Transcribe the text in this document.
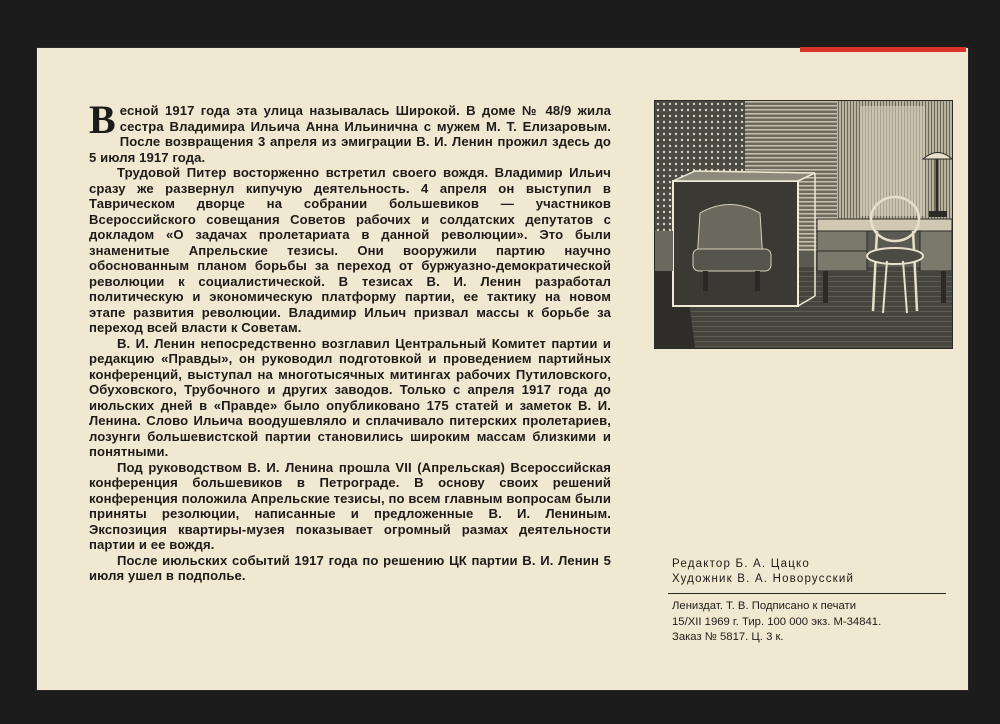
Весной 1917 года эта улица называлась Широкой. В доме № 48/9 жила сестра Владимира Ильича Анна Ильинична с мужем М. Т. Елизаровым. После возвращения 3 апреля из эмиграции В. И. Ленин прожил здесь до 5 июля 1917 года.

Трудовой Питер восторженно встретил своего вождя. Владимир Ильич сразу же развернул кипучую деятельность. 4 апреля он выступил в Таврическом дворце на собрании большевиков — участников Всероссийского совещания Советов рабочих и солдатских депутатов с докладом «О задачах пролетариата в данной революции». Это были знаменитые Апрельские тезисы. Они вооружили партию научно обоснованным планом борьбы за переход от буржуазно-демократической революции к социалистической. В тезисах В. И. Ленин разработал политическую и экономическую платформу партии, ее тактику на новом этапе развития революции. Владимир Ильич призвал массы к борьбе за переход всей власти к Советам.

В. И. Ленин непосредственно возглавил Центральный Комитет партии и редакцию «Правды», он руководил подготовкой и проведением партийных конференций, выступал на многотысячных митингах рабочих Путиловского, Обуховского, Трубочного и других заводов. Только с апреля 1917 года до июльских дней в «Правде» было опубликовано 175 статей и заметок В. И. Ленина. Слово Ильича воодушевляло и сплачивало питерских пролетариев, лозунги большевистской партии становились широким массам близкими и понятными.

Под руководством В. И. Ленина прошла VII (Апрельская) Всероссийская конференция большевиков в Петрограде. В основу своих решений конференция положила Апрельские тезисы, по всем главным вопросам были приняты резолюции, написанные и предложенные В. И. Лениным. Экспозиция квартиры-музея показывает огромный размах деятельности партии и ее вождя.

После июльских событий 1917 года по решению ЦК партии В. И. Ленин 5 июля ушел в подполье.

Редактор Б. А. Цацко
Художник В. А. Новорусский
Лениздат. Т. В. Подписано к печати
15/XII 1969 г. Тир. 100 000 экз. М-34841.
Заказ № 5817. Ц. 3 к.
